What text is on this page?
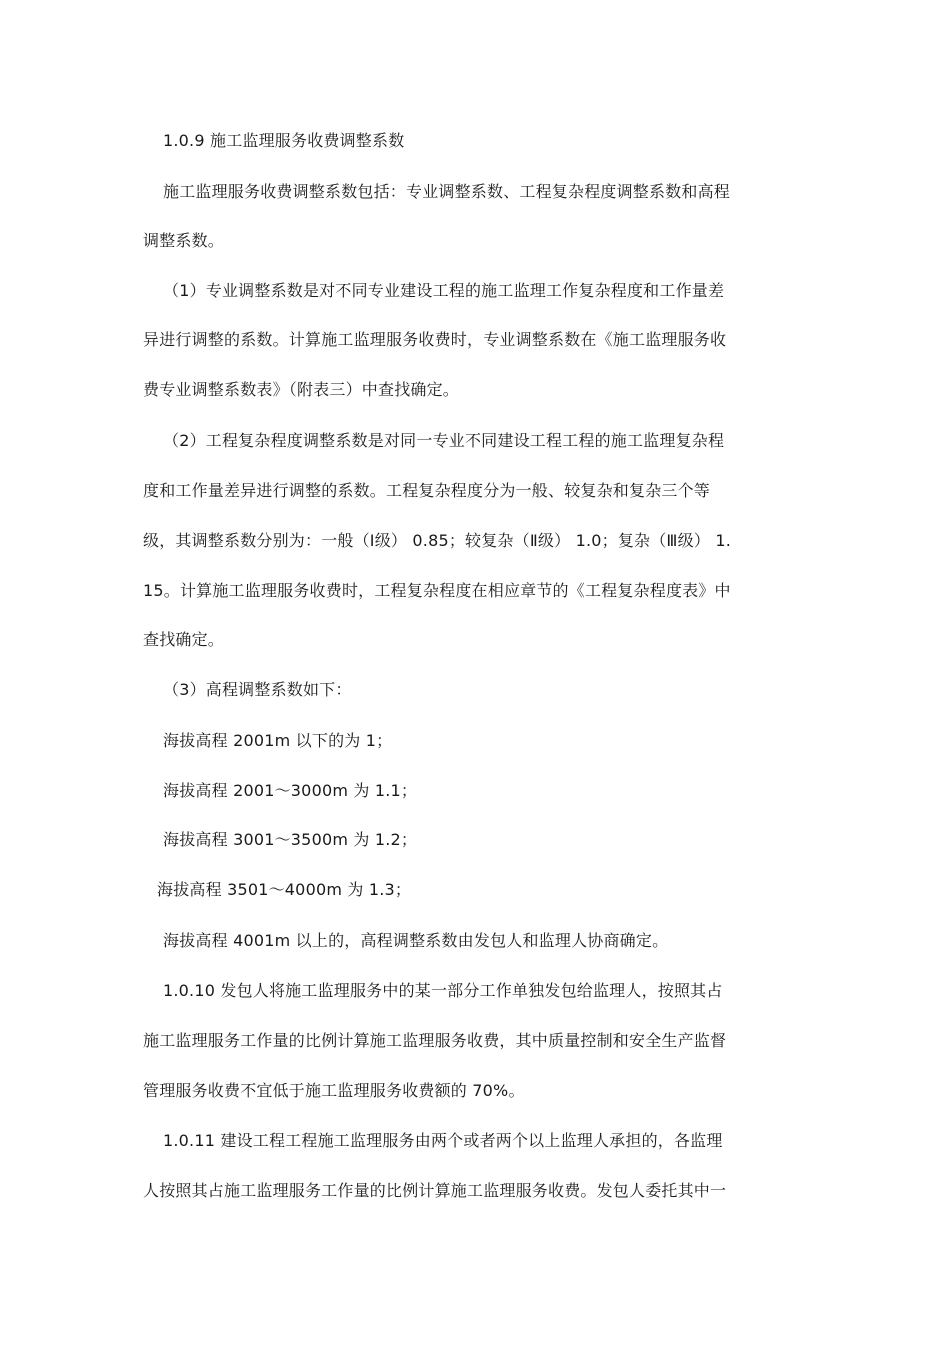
1.0.9 施工监理服务收费调整系数
施工监理服务收费调整系数包括：专业调整系数、工程复杂程度调整系数和高程
调整系数。
（1）专业调整系数是对不同专业建设工程的施工监理工作复杂程度和工作量差
异进行调整的系数。计算施工监理服务收费时，专业调整系数在《施工监理服务收
费专业调整系数表》（附表三）中查找确定。
（2）工程复杂程度调整系数是对同一专业不同建设工程工程的施工监理复杂程
度和工作量差异进行调整的系数。工程复杂程度分为一般、较复杂和复杂三个等
级，其调整系数分别为：一般（Ⅰ级） 0.85；较复杂（Ⅱ级） 1.0；复杂（Ⅲ级） 1.
15。计算施工监理服务收费时，工程复杂程度在相应章节的《工程复杂程度表》中
查找确定。
（3）高程调整系数如下：
海拔高程 2001m 以下的为 1；
海拔高程 2001～3000m 为 1.1；
海拔高程 3001～3500m 为 1.2；
海拔高程 3501～4000m 为 1.3；
海拔高程 4001m 以上的，高程调整系数由发包人和监理人协商确定。
1.0.10 发包人将施工监理服务中的某一部分工作单独发包给监理人，按照其占
施工监理服务工作量的比例计算施工监理服务收费，其中质量控制和安全生产监督
管理服务收费不宜低于施工监理服务收费额的 70%。
1.0.11 建设工程工程施工监理服务由两个或者两个以上监理人承担的，各监理
人按照其占施工监理服务工作量的比例计算施工监理服务收费。发包人委托其中一
